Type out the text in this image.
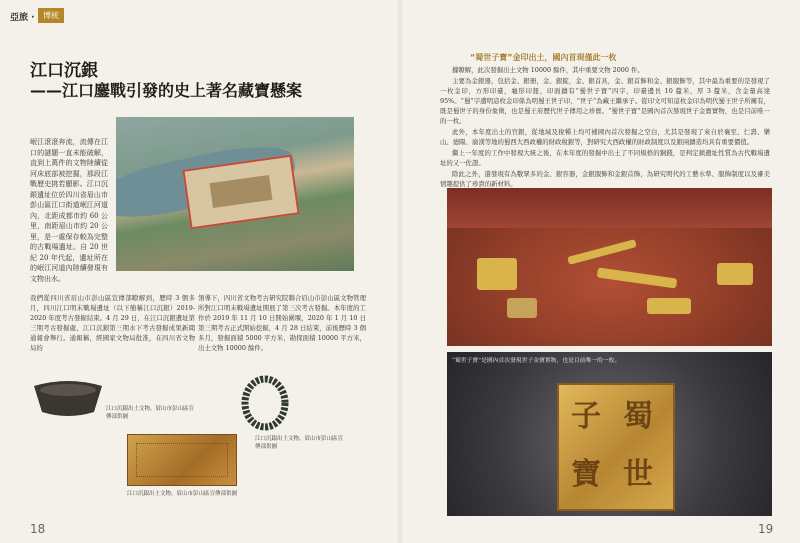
亞旅 ·	博統
江口沉銀
——江口鏖戰引發的史上著名藏寶懸案
岷江滾滾奔流，流傳在江口的謎題一直未能破解，直到上萬件的文物陸續從河床底部被挖掘，那段江戰歷史挑若顯影。江口沉銀遺址位於四川省眉山市彭山區江口街道岷江河道內，北距成都市約 60 公里，南距眉山市約 20 公里，是一處保存較為完整的古戰場遺址。自 20 世紀 20 年代起，遺址所在的岷江河道內陸續發現有文物出水。
我們從四川省眉山市彭山區宣傳部瞭解到，歷時 3 個多月，四川江口明末戰場遺址（以下簡稱江口沉銀）2019-2020 年度考古發掘結束。4 月 29 日，在江口沉銀遺址第三期考古發掘處，江口沉銀第三期水下考古發掘成果新聞通報會舉行。通報稱，經國家文物局批准，在四川省文物局的
領導下，四川省文物考古研究院聯合眉山市彭山區文物管理所對江口明末戰場遺址開展了第三次考古發掘。本年度的工作於 2019 年 11 月 10 日開始圍堰，2020 年 1 月 10 日第三期考古正式開始挖掘，4 月 28 日結束，前後歷時 3 個多月，發掘面積 5000 平方米，勘探面積 10000 平方米，出土文物 10000 餘件。
江口沉銀出土文物。眉山市彭山區宣傳部供圖
江口沉銀出土文物。眉山市彭山區宣傳部供圖
江口沉銀出土文物。眉山市彭山區宣傳部供圖
18
“蜀世子寶”金印出土，國內首現僅此一枚

據瞭解，此次發掘出土文物 10000 餘件，其中重要文物 2000 件。

主要為金銀器，包括金、銀冊，金、銀錠，金、銀首具，金、銀首飾和金、銀服飾等，其中最為重要的是發現了一枚金印，方形印臺，龜形印鈕，印面鑄有“蜀世子寶”四字，印臺邊長 10 釐米，厚 3 釐米，含金量高達 95%。“蜀”字遭明這枚金印係為明蜀王世子印，“世子”為藏王繼承子。從印文可知這枚金印為明代蜀王世子所擁有，既是蜀世子的身份象徵，也是蜀王府歷代世子傳用之珍寶。“蜀世子寶”是國內首次發現世子金寶實物，也是目前唯一的一枚。

此外，本年度出土的官銀，從地域及稅種上均可補國內首次發掘之空白，尤其是發現了來自於襄至、仁壽、樂山、德陽、廣漢等地的蜀西大西政權的財政稅銀等，對研究大西政權的財政制度以及銀兩鑄造均具有重要價值。

繼上一年度的工作中發現大統之後，在本年度的發掘中出土了不同規格的銅錢，是判定鎮遺址性質為古代戰場遺址的又一佐證。

除此之外，還發現有為數眾多的金、銀容器，金銀服飾和金銀首飾，為研究明代的工藝水準、服飾制度以及審美情趣提供了珍貴的新材料。

“蜀世子寶”是國內首次發現世子金寶實物，也是目前唯一的一枚。
蜀
世
子
寶
19
